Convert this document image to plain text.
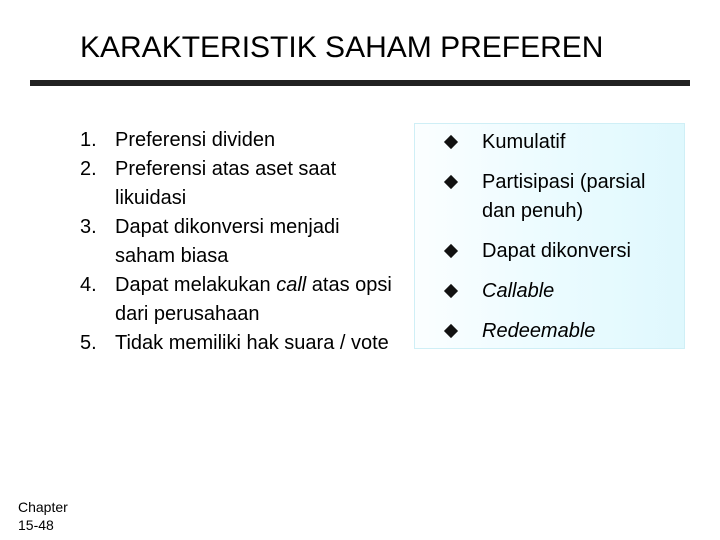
KARAKTERISTIK SAHAM PREFEREN
1. Preferensi dividen
2. Preferensi atas aset saat likuidasi
3. Dapat dikonversi menjadi saham biasa
4. Dapat melakukan call atas opsi dari perusahaan
5. Tidak memiliki hak suara / vote
Kumulatif
Partisipasi (parsial dan penuh)
Dapat dikonversi
Callable
Redeemable
Chapter 15-48
